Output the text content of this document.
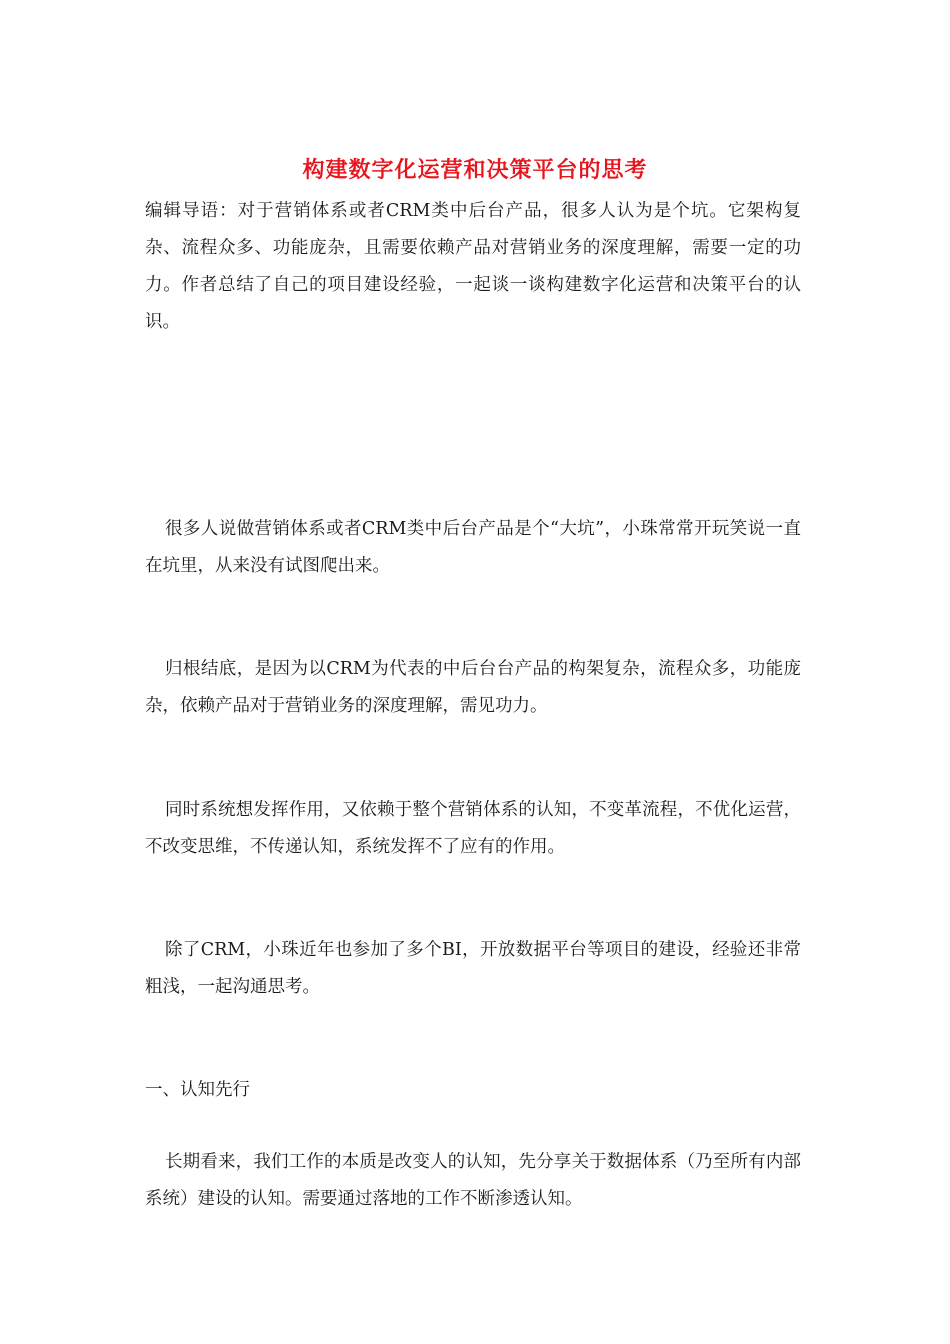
构建数字化运营和决策平台的思考
编辑导语：对于营销体系或者CRM类中后台产品，很多人认为是个坑。它架构复杂、流程众多、功能庞杂，且需要依赖产品对营销业务的深度理解，需要一定的功力。作者总结了自己的项目建设经验，一起谈一谈构建数字化运营和决策平台的认识。
很多人说做营销体系或者CRM类中后台产品是个“大坑”，小珠常常开玩笑说一直在坑里，从来没有试图爬出来。
归根结底，是因为以CRM为代表的中后台台产品的构架复杂，流程众多，功能庞杂，依赖产品对于营销业务的深度理解，需见功力。
同时系统想发挥作用，又依赖于整个营销体系的认知，不变革流程，不优化运营，不改变思维，不传递认知，系统发挥不了应有的作用。
除了CRM，小珠近年也参加了多个BI，开放数据平台等项目的建设，经验还非常粗浅，一起沟通思考。
一、认知先行
长期看来，我们工作的本质是改变人的认知，先分享关于数据体系（乃至所有内部系统）建设的认知。需要通过落地的工作不断渗透认知。
